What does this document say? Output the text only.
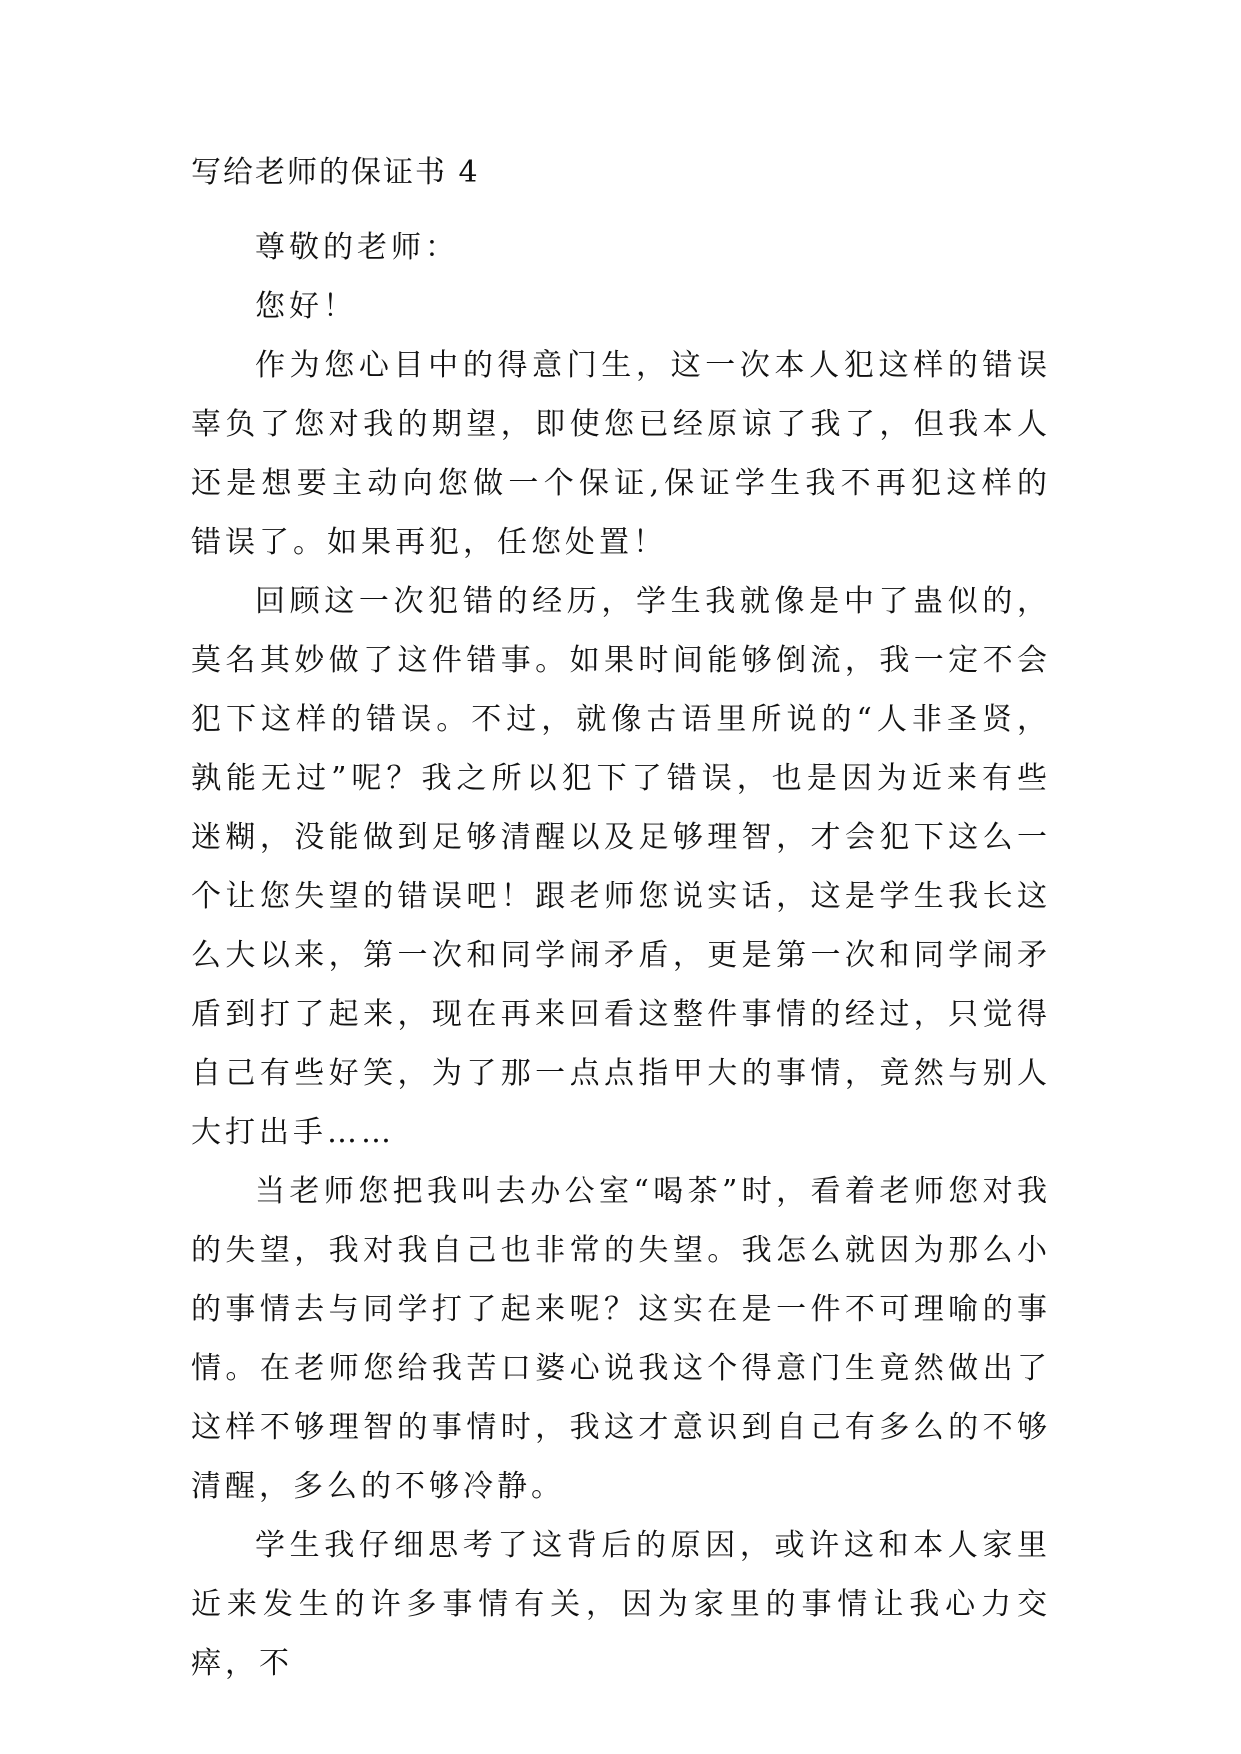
写给老师的保证书 4

尊敬的老师：

您好！

作为您心目中的得意门生，这一次本人犯这样的错误辜负了您对我的期望，即使您已经原谅了我了，但我本人还是想要主动向您做一个保证,保证学生我不再犯这样的错误了。如果再犯，任您处置！

回顾这一次犯错的经历，学生我就像是中了蛊似的，莫名其妙做了这件错事。如果时间能够倒流，我一定不会犯下这样的错误。不过，就像古语里所说的“人非圣贤，孰能无过”呢？我之所以犯下了错误，也是因为近来有些迷糊，没能做到足够清醒以及足够理智，才会犯下这么一个让您失望的错误吧！跟老师您说实话，这是学生我长这么大以来，第一次和同学闹矛盾，更是第一次和同学闹矛盾到打了起来，现在再来回看这整件事情的经过，只觉得自己有些好笑，为了那一点点指甲大的事情，竟然与别人大打出手……

当老师您把我叫去办公室“喝茶”时，看着老师您对我的失望，我对我自己也非常的失望。我怎么就因为那么小的事情去与同学打了起来呢？这实在是一件不可理喻的事情。在老师您给我苦口婆心说我这个得意门生竟然做出了这样不够理智的事情时，我这才意识到自己有多么的不够清醒，多么的不够冷静。

学生我仔细思考了这背后的原因，或许这和本人家里近来发生的许多事情有关，因为家里的事情让我心力交瘁，不
